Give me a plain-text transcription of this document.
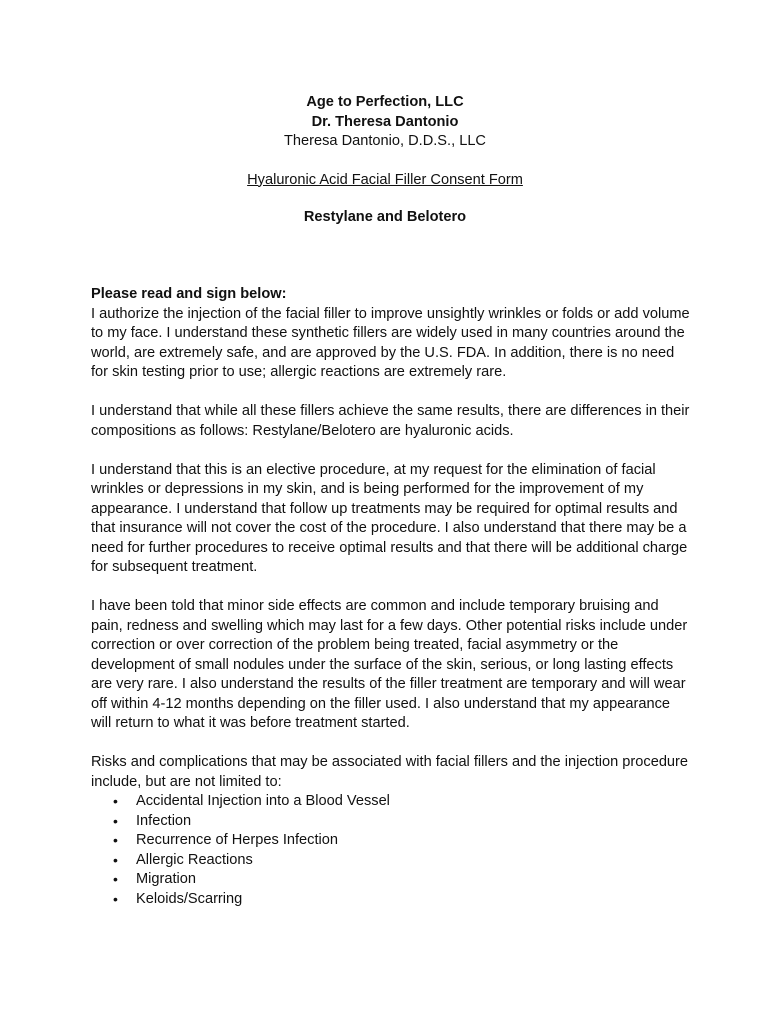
Age to Perfection, LLC
Dr. Theresa Dantonio
Theresa Dantonio, D.D.S., LLC
Hyaluronic Acid Facial Filler Consent Form
Restylane and Belotero

Please read and sign below:

I authorize the injection of the facial filler to improve unsightly wrinkles or folds or add volume to my face. I understand these synthetic fillers are widely used in many countries around the world, are extremely safe, and are approved by the U.S. FDA. In addition, there is no need for skin testing prior to use; allergic reactions are extremely rare.

I understand that while all these fillers achieve the same results, there are differences in their compositions as follows: Restylane/Belotero are hyaluronic acids.

I understand that this is an elective procedure, at my request for the elimination of facial wrinkles or depressions in my skin, and is being performed for the improvement of my appearance. I understand that follow up treatments may be required for optimal results and that insurance will not cover the cost of the procedure. I also understand that there may be a need for further procedures to receive optimal results and that there will be additional charge for subsequent treatment.

I have been told that minor side effects are common and include temporary bruising and pain, redness and swelling which may last for a few days. Other potential risks include under correction or over correction of the problem being treated, facial asymmetry or the development of small nodules under the surface of the skin, serious, or long lasting effects are very rare. I also understand the results of the filler treatment are temporary and will wear off within 4-12 months depending on the filler used. I also understand that my appearance will return to what it was before treatment started.

Risks and complications that may be associated with facial fillers and the injection procedure include, but are not limited to:

• Accidental Injection into a Blood Vessel
• Infection
• Recurrence of Herpes Infection
• Allergic Reactions
• Migration
• Keloids/Scarring
